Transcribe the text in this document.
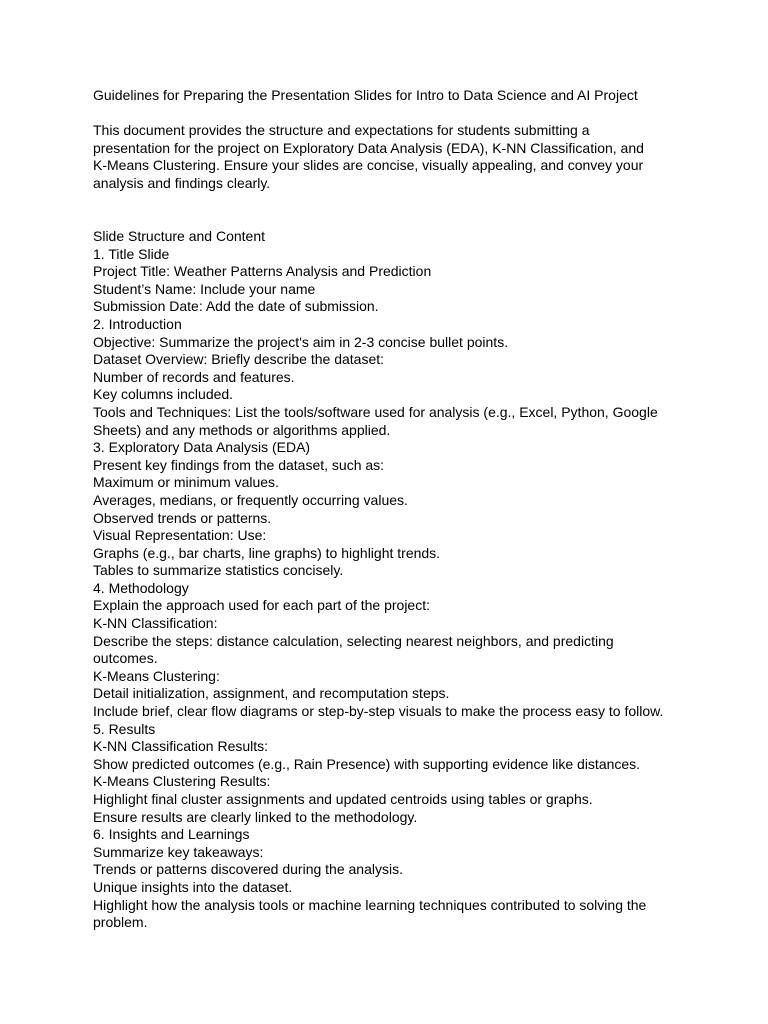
Guidelines for Preparing the Presentation Slides for Intro to Data Science and AI Project
This document provides the structure and expectations for students submitting a
presentation for the project on Exploratory Data Analysis (EDA), K-NN Classification, and
K-Means Clustering. Ensure your slides are concise, visually appealing, and convey your
analysis and findings clearly.
Slide Structure and Content
1. Title Slide
Project Title: Weather Patterns Analysis and Prediction
Student’s Name: Include your name
Submission Date: Add the date of submission.
2. Introduction
Objective: Summarize the project's aim in 2-3 concise bullet points.
Dataset Overview: Briefly describe the dataset:
Number of records and features.
Key columns included.
Tools and Techniques: List the tools/software used for analysis (e.g., Excel, Python, Google
Sheets) and any methods or algorithms applied.
3. Exploratory Data Analysis (EDA)
Present key findings from the dataset, such as:
Maximum or minimum values.
Averages, medians, or frequently occurring values.
Observed trends or patterns.
Visual Representation: Use:
Graphs (e.g., bar charts, line graphs) to highlight trends.
Tables to summarize statistics concisely.
4. Methodology
Explain the approach used for each part of the project:
K-NN Classification:
Describe the steps: distance calculation, selecting nearest neighbors, and predicting
outcomes.
K-Means Clustering:
Detail initialization, assignment, and recomputation steps.
Include brief, clear flow diagrams or step-by-step visuals to make the process easy to follow.
5. Results
K-NN Classification Results:
Show predicted outcomes (e.g., Rain Presence) with supporting evidence like distances.
K-Means Clustering Results:
Highlight final cluster assignments and updated centroids using tables or graphs.
Ensure results are clearly linked to the methodology.
6. Insights and Learnings
Summarize key takeaways:
Trends or patterns discovered during the analysis.
Unique insights into the dataset.
Highlight how the analysis tools or machine learning techniques contributed to solving the
problem.
